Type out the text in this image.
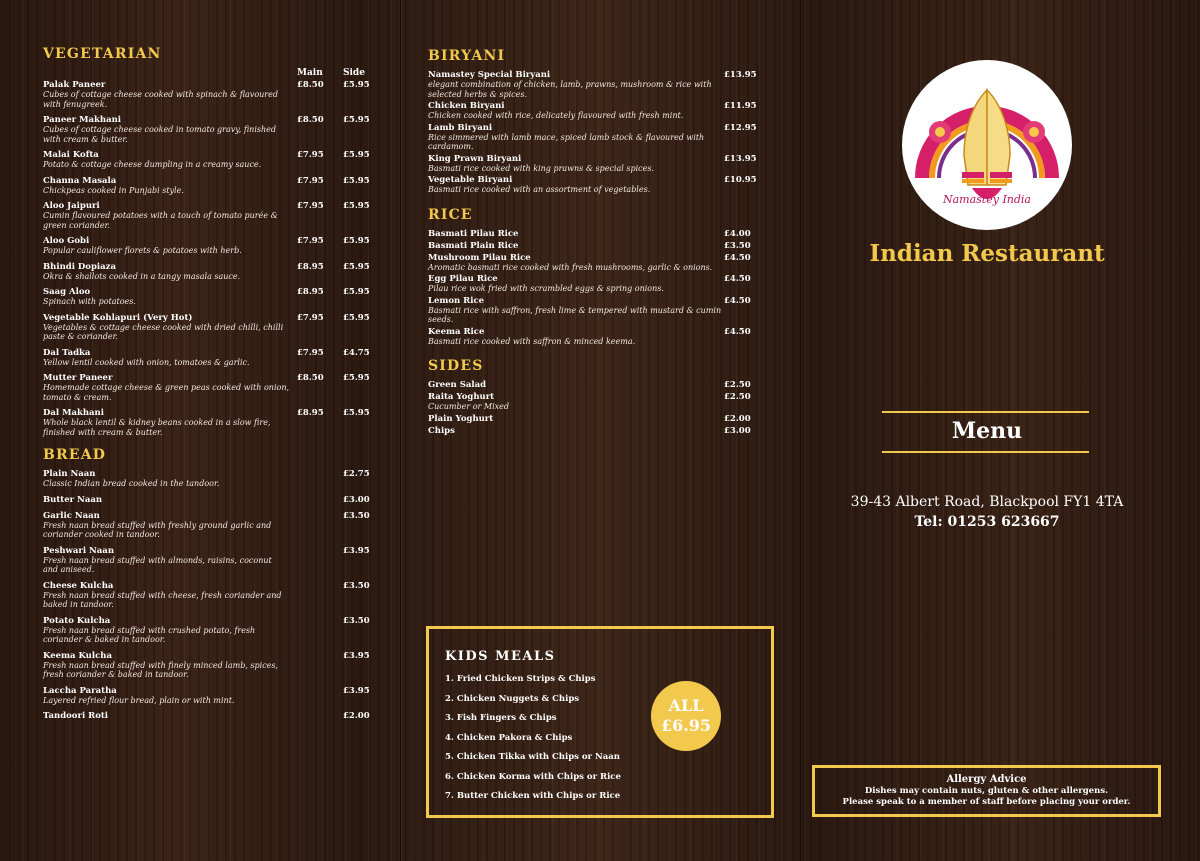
VEGETARIAN
Main	Side
Palak Paneer
Cubes of cottage cheese cooked with spinach & flavoured with fenugreek.
£8.50	£5.95
Paneer Makhani
Cubes of cottage cheese cooked in tomato gravy, finished with cream & butter.
£8.50	£5.95
Malai Kofta
Potato & cottage cheese dumpling in a creamy sauce.
£7.95	£5.95
Channa Masala
Chickpeas cooked in Punjabi style.
£7.95	£5.95
Aloo Jaipuri
Cumin flavoured potatoes with a touch of tomato purée & green coriander.
£7.95	£5.95
Aloo Gobi
Popular cauliflower florets & potatoes with herb.
£7.95	£5.95
Bhindi Dopiaza
Okra & shallots cooked in a tangy masala sauce.
£8.95	£5.95
Saag Aloo
Spinach with potatoes.
£8.95	£5.95
Vegetable Kohlapuri (Very Hot)
Vegetables & cottage cheese cooked with dried chilli, chilli paste & coriander.
£7.95	£5.95
Dal Tadka
Yellow lentil cooked with onion, tomatoes & garlic.
£7.95	£4.75
Mutter Paneer
Homemade cottage cheese & green peas cooked with onion, tomato & cream.
£8.50	£5.95
Dal Makhani
Whole black lentil & kidney beans cooked in a slow fire, finished with cream & butter.
£8.95	£5.95
BREAD
Plain Naan
Classic Indian bread cooked in the tandoor.
£2.75
Butter Naan	£3.00
Garlic Naan
Fresh naan bread stuffed with freshly ground garlic and coriander cooked in tandoor.
£3.50
Peshwari Naan
Fresh naan bread stuffed with almonds, raisins, coconut and aniseed.
£3.95
Cheese Kulcha
Fresh naan bread stuffed with cheese, fresh coriander and baked in tandoor.
£3.50
Potato Kulcha
Fresh naan bread stuffed with crushed potato, fresh coriander & baked in tandoor.
£3.50
Keema Kulcha
Fresh naan bread stuffed with finely minced lamb, spices, fresh coriander & baked in tandoor.
£3.95
Laccha Paratha
Layered refried flour bread, plain or with mint.
£3.95
Tandoori Roti	£2.00
BIRYANI
Namastey Special Biryani
elegant combination of chicken, lamb, prawns, mushroom & rice with selected herbs & spices.
£13.95
Chicken Biryani
Chicken cooked with rice, delicately flavoured with fresh mint.
£11.95
Lamb Biryani
Rice simmered with lamb mace, spiced lamb stock & flavoured with cardamom.
£12.95
King Prawn Biryani
Basmati rice cooked with king prawns & special spices.
£13.95
Vegetable Biryani
Basmati rice cooked with an assortment of vegetables.
£10.95
RICE
Basmati Pilau Rice	£4.00
Basmati Plain Rice	£3.50
Mushroom Pilau Rice
Aromatic basmati rice cooked with fresh mushrooms, garlic & onions.
£4.50
Egg Pilau Rice
Pilau rice wok fried with scrambled eggs & spring onions.
£4.50
Lemon Rice
Basmati rice with saffron, fresh lime & tempered with mustard & cumin seeds.
£4.50
Keema Rice
Basmati rice cooked with saffron & minced keema.
£4.50
SIDES
Green Salad	£2.50
Raita Yoghurt
Cucumber or Mixed
£2.50
Plain Yoghurt	£2.00
Chips	£3.00
KIDS MEALS
1. Fried Chicken Strips & Chips
2. Chicken Nuggets & Chips
3. Fish Fingers & Chips
4. Chicken Pakora & Chips
5. Chicken Tikka with Chips or Naan
6. Chicken Korma with Chips or Rice
7. Butter Chicken with Chips or Rice
ALL
£6.95
Namastey India
Indian Restaurant
Menu
39-43 Albert Road, Blackpool FY1 4TA
Tel: 01253 623667
Allergy Advice
Dishes may contain nuts, gluten & other allergens.
Please speak to a member of staff before placing your order.
